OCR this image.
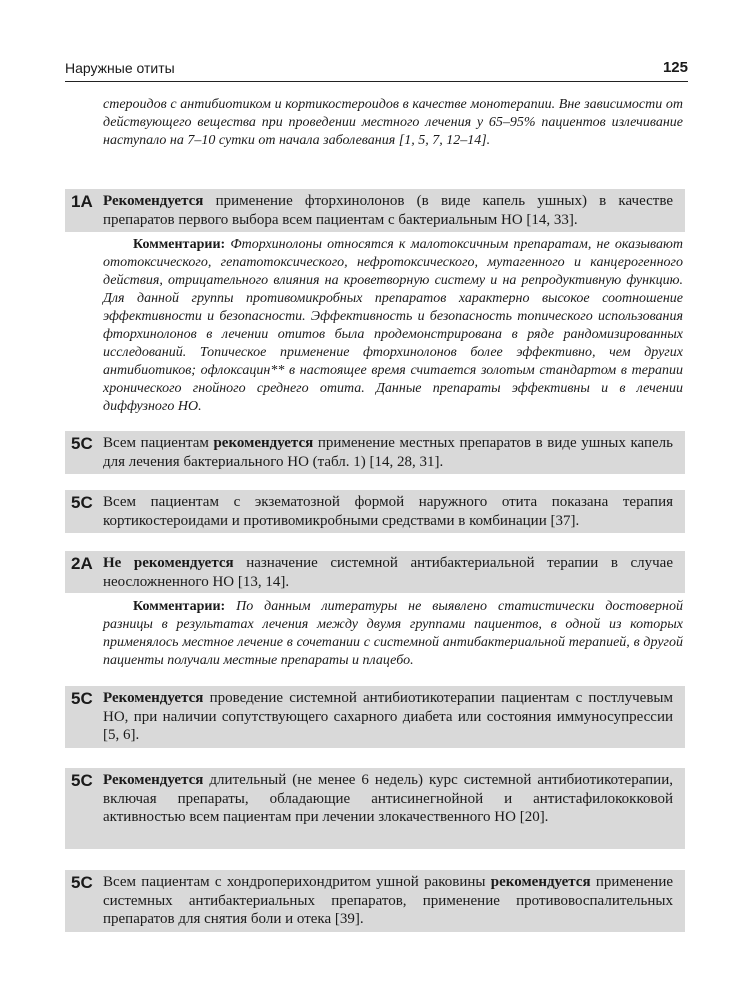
Наружные отиты	125
стероидов с антибиотиком и кортикостероидов в качестве монотерапии. Вне зависимости от действующего вещества при проведении местного лечения у 65–95% пациентов излечивание наступало на 7–10 сутки от начала заболевания [1, 5, 7, 12–14].
1A Рекомендуется применение фторхинолонов (в виде капель ушных) в качестве препаратов первого выбора всем пациентам с бактериальным НО [14, 33].
Комментарии: Фторхинолоны относятся к малотоксичным препаратам, не оказывают ототоксического, гепатотоксического, нефротоксического, мутагенного и канцерогенного действия, отрицательного влияния на кроветворную систему и на репродуктивную функцию. Для данной группы противомикробных препаратов характерно высокое соотношение эффективности и безопасности. Эффективность и безопасность топического использования фторхинолонов в лечении отитов была продемонстрирована в ряде рандомизированных исследований. Топическое применение фторхинолонов более эффективно, чем других антибиотиков; офлоксацин** в настоящее время считается золотым стандартом в терапии хронического гнойного среднего отита. Данные препараты эффективны и в лечении диффузного НО.
5C Всем пациентам рекомендуется применение местных препаратов в виде ушных капель для лечения бактериального НО (табл. 1) [14, 28, 31].
5C Всем пациентам с экзематозной формой наружного отита показана терапия кортикостероидами и противомикробными средствами в комбинации [37].
2A Не рекомендуется назначение системной антибактериальной терапии в случае неосложненного НО [13, 14].
Комментарии: По данным литературы не выявлено статистически достоверной разницы в результатах лечения между двумя группами пациентов, в одной из которых применялось местное лечение в сочетании с системной антибактериальной терапией, в другой пациенты получали местные препараты и плацебо.
5C Рекомендуется проведение системной антибиотикотерапии пациентам с постлучевым НО, при наличии сопутствующего сахарного диабета или состояния иммуносупрессии [5, 6].
5C Рекомендуется длительный (не менее 6 недель) курс системной антибиотикотерапии, включая препараты, обладающие антисинегнойной и антистафилококковой активностью всем пациентам при лечении злокачественного НО [20].
5C Всем пациентам с хондроперихондритом ушной раковины рекомендуется применение системных антибактериальных препаратов, применение противовоспалительных препаратов для снятия боли и отека [39].
